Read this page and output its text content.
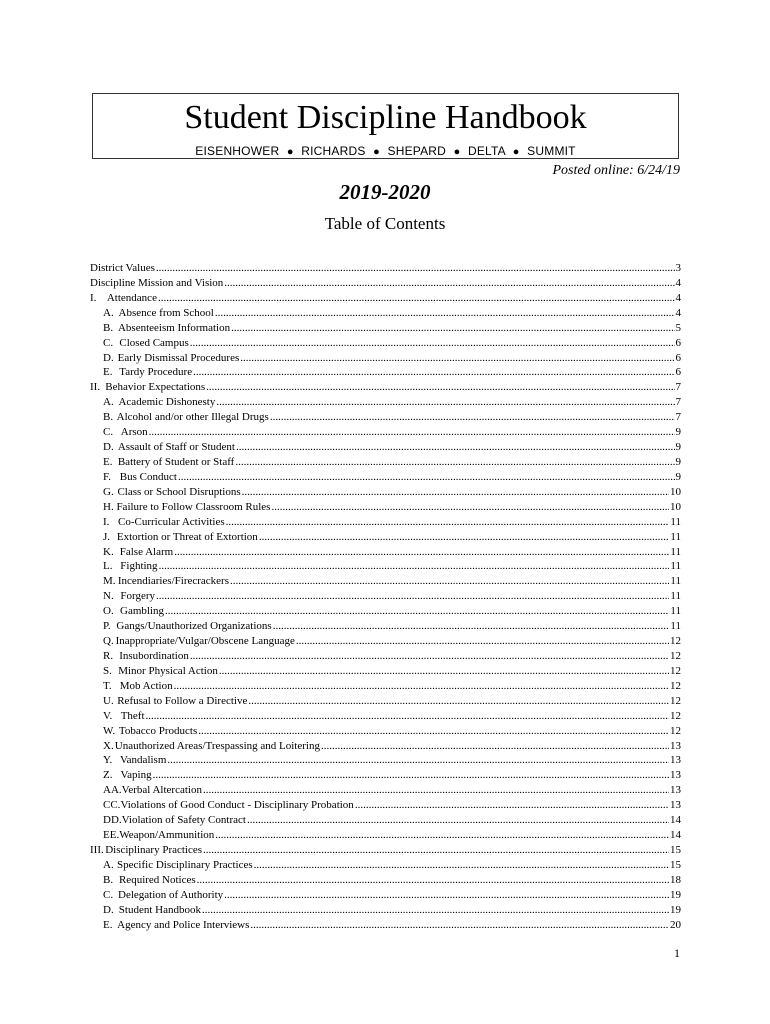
Student Discipline Handbook
EISENHOWER ● RICHARDS ● SHEPARD ● DELTA ● SUMMIT
Posted online: 6/24/19
2019-2020
Table of Contents
District Values .....	3
Discipline Mission and Vision .....	4
I. Attendance .....	4
A. Absence from School .....	4
B. Absenteeism Information .....	5
C. Closed Campus .....	6
D. Early Dismissal Procedures .....	6
E. Tardy Procedure .....	6
II. Behavior Expectations .....	7
A. Academic Dishonesty .....	7
B. Alcohol and/or other Illegal Drugs .....	7
C. Arson .....	9
D. Assault of Staff or Student .....	9
E. Battery of Student or Staff .....	9
F. Bus Conduct .....	9
G. Class or School Disruptions .....	10
H. Failure to Follow Classroom Rules .....	10
I. Co-Curricular Activities .....	11
J. Extortion or Threat of Extortion .....	11
K. False Alarm .....	11
L. Fighting .....	11
M. Incendiaries/Firecrackers .....	11
N. Forgery .....	11
O. Gambling .....	11
P. Gangs/Unauthorized Organizations .....	11
Q. Inappropriate/Vulgar/Obscene Language .....	12
R. Insubordination .....	12
S. Minor Physical Action .....	12
T. Mob Action .....	12
U. Refusal to Follow a Directive .....	12
V. Theft .....	12
W. Tobacco Products .....	12
X. Unauthorized Areas/Trespassing and Loitering .....	13
Y. Vandalism .....	13
Z. Vaping .....	13
AA. Verbal Altercation .....	13
CC. Violations of Good Conduct - Disciplinary Probation .....	13
DD. Violation of Safety Contract .....	14
EE. Weapon/Ammunition .....	14
III. Disciplinary Practices .....	15
A. Specific Disciplinary Practices .....	15
B. Required Notices .....	18
C. Delegation of Authority .....	19
D. Student Handbook .....	19
E. Agency and Police Interviews .....	20
1
